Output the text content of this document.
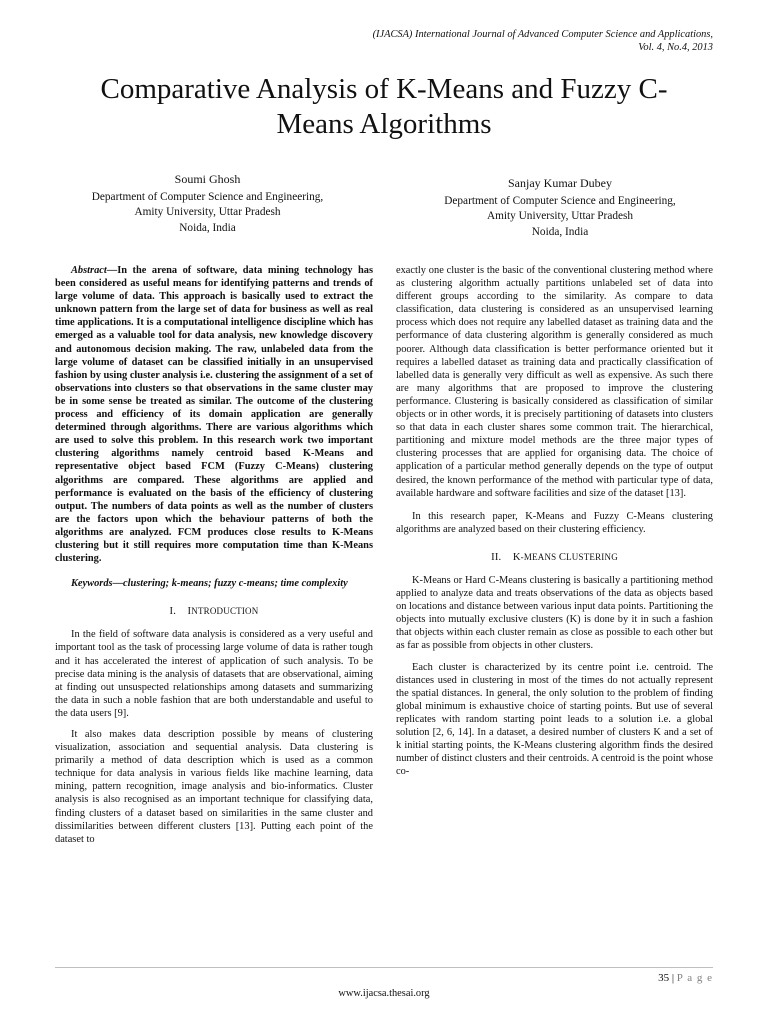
(IJACSA) International Journal of Advanced Computer Science and Applications,
Vol. 4, No.4, 2013
Comparative Analysis of K-Means and Fuzzy C-
Means Algorithms
Soumi Ghosh
Department of Computer Science and Engineering,
Amity University, Uttar Pradesh
Noida, India
Sanjay Kumar Dubey
Department of Computer Science and Engineering,
Amity University, Uttar Pradesh
Noida, India

Abstract—In the arena of software, data mining technology has been considered as useful means for identifying patterns and trends of large volume of data. This approach is basically used to extract the unknown pattern from the large set of data for business as well as real time applications. It is a computational intelligence discipline which has emerged as a valuable tool for data analysis, new knowledge discovery and autonomous decision making. The raw, unlabeled data from the large volume of dataset can be classified initially in an unsupervised fashion by using cluster analysis i.e. clustering the assignment of a set of observations into clusters so that observations in the same cluster may be in some sense be treated as similar. The outcome of the clustering process and efficiency of its domain application are generally determined through algorithms. There are various algorithms which are used to solve this problem. In this research work two important clustering algorithms namely centroid based K-Means and representative object based FCM (Fuzzy C-Means) clustering algorithms are compared. These algorithms are applied and performance is evaluated on the basis of the efficiency of clustering output. The numbers of data points as well as the number of clusters are the factors upon which the behaviour patterns of both the algorithms are analyzed. FCM produces close results to K-Means clustering but it still requires more computation time than K-Means clustering.

Keywords—clustering; k-means; fuzzy c-means; time complexity

I. INTRODUCTION

In the field of software data analysis is considered as a very useful and important tool as the task of processing large volume of data is rather tough and it has accelerated the interest of application of such analysis. To be precise data mining is the analysis of datasets that are observational, aiming at finding out unsuspected relationships among datasets and summarizing the data in such a noble fashion that are both understandable and useful to the data users [9].

It also makes data description possible by means of clustering visualization, association and sequential analysis. Data clustering is primarily a method of data description which is used as a common technique for data analysis in various fields like machine learning, data mining, pattern recognition, image analysis and bio-informatics. Cluster analysis is also recognised as an important technique for classifying data, finding clusters of a dataset based on similarities in the same cluster and dissimilarities between different clusters [13]. Putting each point of the dataset to

exactly one cluster is the basic of the conventional clustering method where as clustering algorithm actually partitions unlabeled set of data into different groups according to the similarity. As compare to data classification, data clustering is considered as an unsupervised learning process which does not require any labelled dataset as training data and the performance of data clustering algorithm is generally considered as much poorer. Although data classification is better performance oriented but it requires a labelled dataset as training data and practically classification of labelled data is generally very difficult as well as expensive. As such there are many algorithms that are proposed to improve the clustering performance. Clustering is basically considered as classification of similar objects or in other words, it is precisely partitioning of datasets into clusters so that data in each cluster shares some common trait. The hierarchical, partitioning and mixture model methods are the three major types of clustering processes that are applied for organising data. The choice of application of a particular method generally depends on the type of output desired, the known performance of the method with particular type of data, available hardware and software facilities and size of the dataset [13].

In this research paper, K-Means and Fuzzy C-Means clustering algorithms are analyzed based on their clustering efficiency.

II. K-MEANS CLUSTERING

K-Means or Hard C-Means clustering is basically a partitioning method applied to analyze data and treats observations of the data as objects based on locations and distance between various input data points. Partitioning the objects into mutually exclusive clusters (K) is done by it in such a fashion that objects within each cluster remain as close as possible to each other but as far as possible from objects in other clusters.

Each cluster is characterized by its centre point i.e. centroid. The distances used in clustering in most of the times do not actually represent the spatial distances. In general, the only solution to the problem of finding global minimum is exhaustive choice of starting points. But use of several replicates with random starting point leads to a solution i.e. a global solution [2, 6, 14]. In a dataset, a desired number of clusters K and a set of k initial starting points, the K-Means clustering algorithm finds the desired number of distinct clusters and their centroids. A centroid is the point whose co-

35 | P a g e
www.ijacsa.thesai.org
